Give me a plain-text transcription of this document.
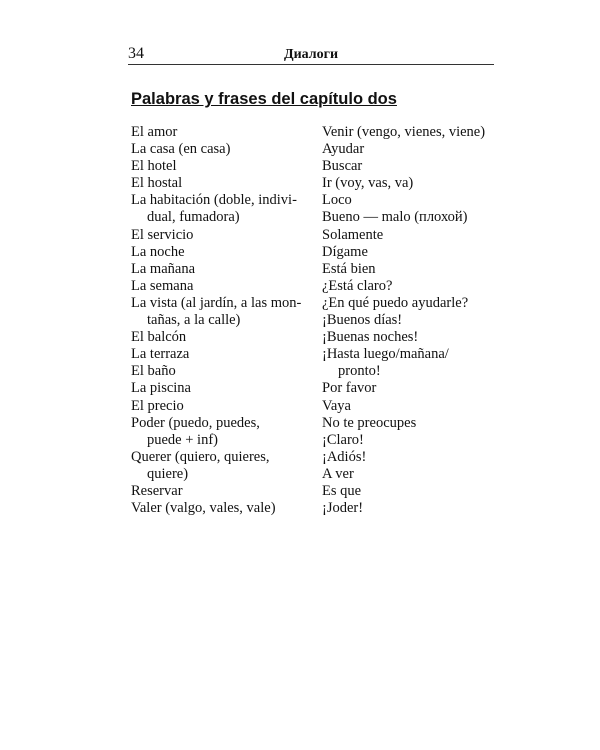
34	Диалоги
Palabras y frases del capítulo dos
El amor
La casa (en casa)
El hotel
El hostal
La habitación (doble, indivi-
dual, fumadora)
El servicio
La noche
La mañana
La semana
La vista (al jardín, a las mon-
tañas, a la calle)
El balcón
La terraza
El baño
La piscina
El precio
Poder (puedo, puedes,
puede + inf)
Querer (quiero, quieres,
quiere)
Reservar
Valer (valgo, vales, vale)
Venir (vengo, vienes, viene)
Ayudar
Buscar
Ir (voy, vas, va)
Loco
Bueno — malo (плохой)
Solamente
Dígame
Está bien
¿Está claro?
¿En qué puedo ayudarle?
¡Buenos días!
¡Buenas noches!
¡Hasta luego/mañana/
pronto!
Por favor
Vaya
No te preocupes
¡Claro!
¡Adiós!
A ver
Es que
¡Joder!
